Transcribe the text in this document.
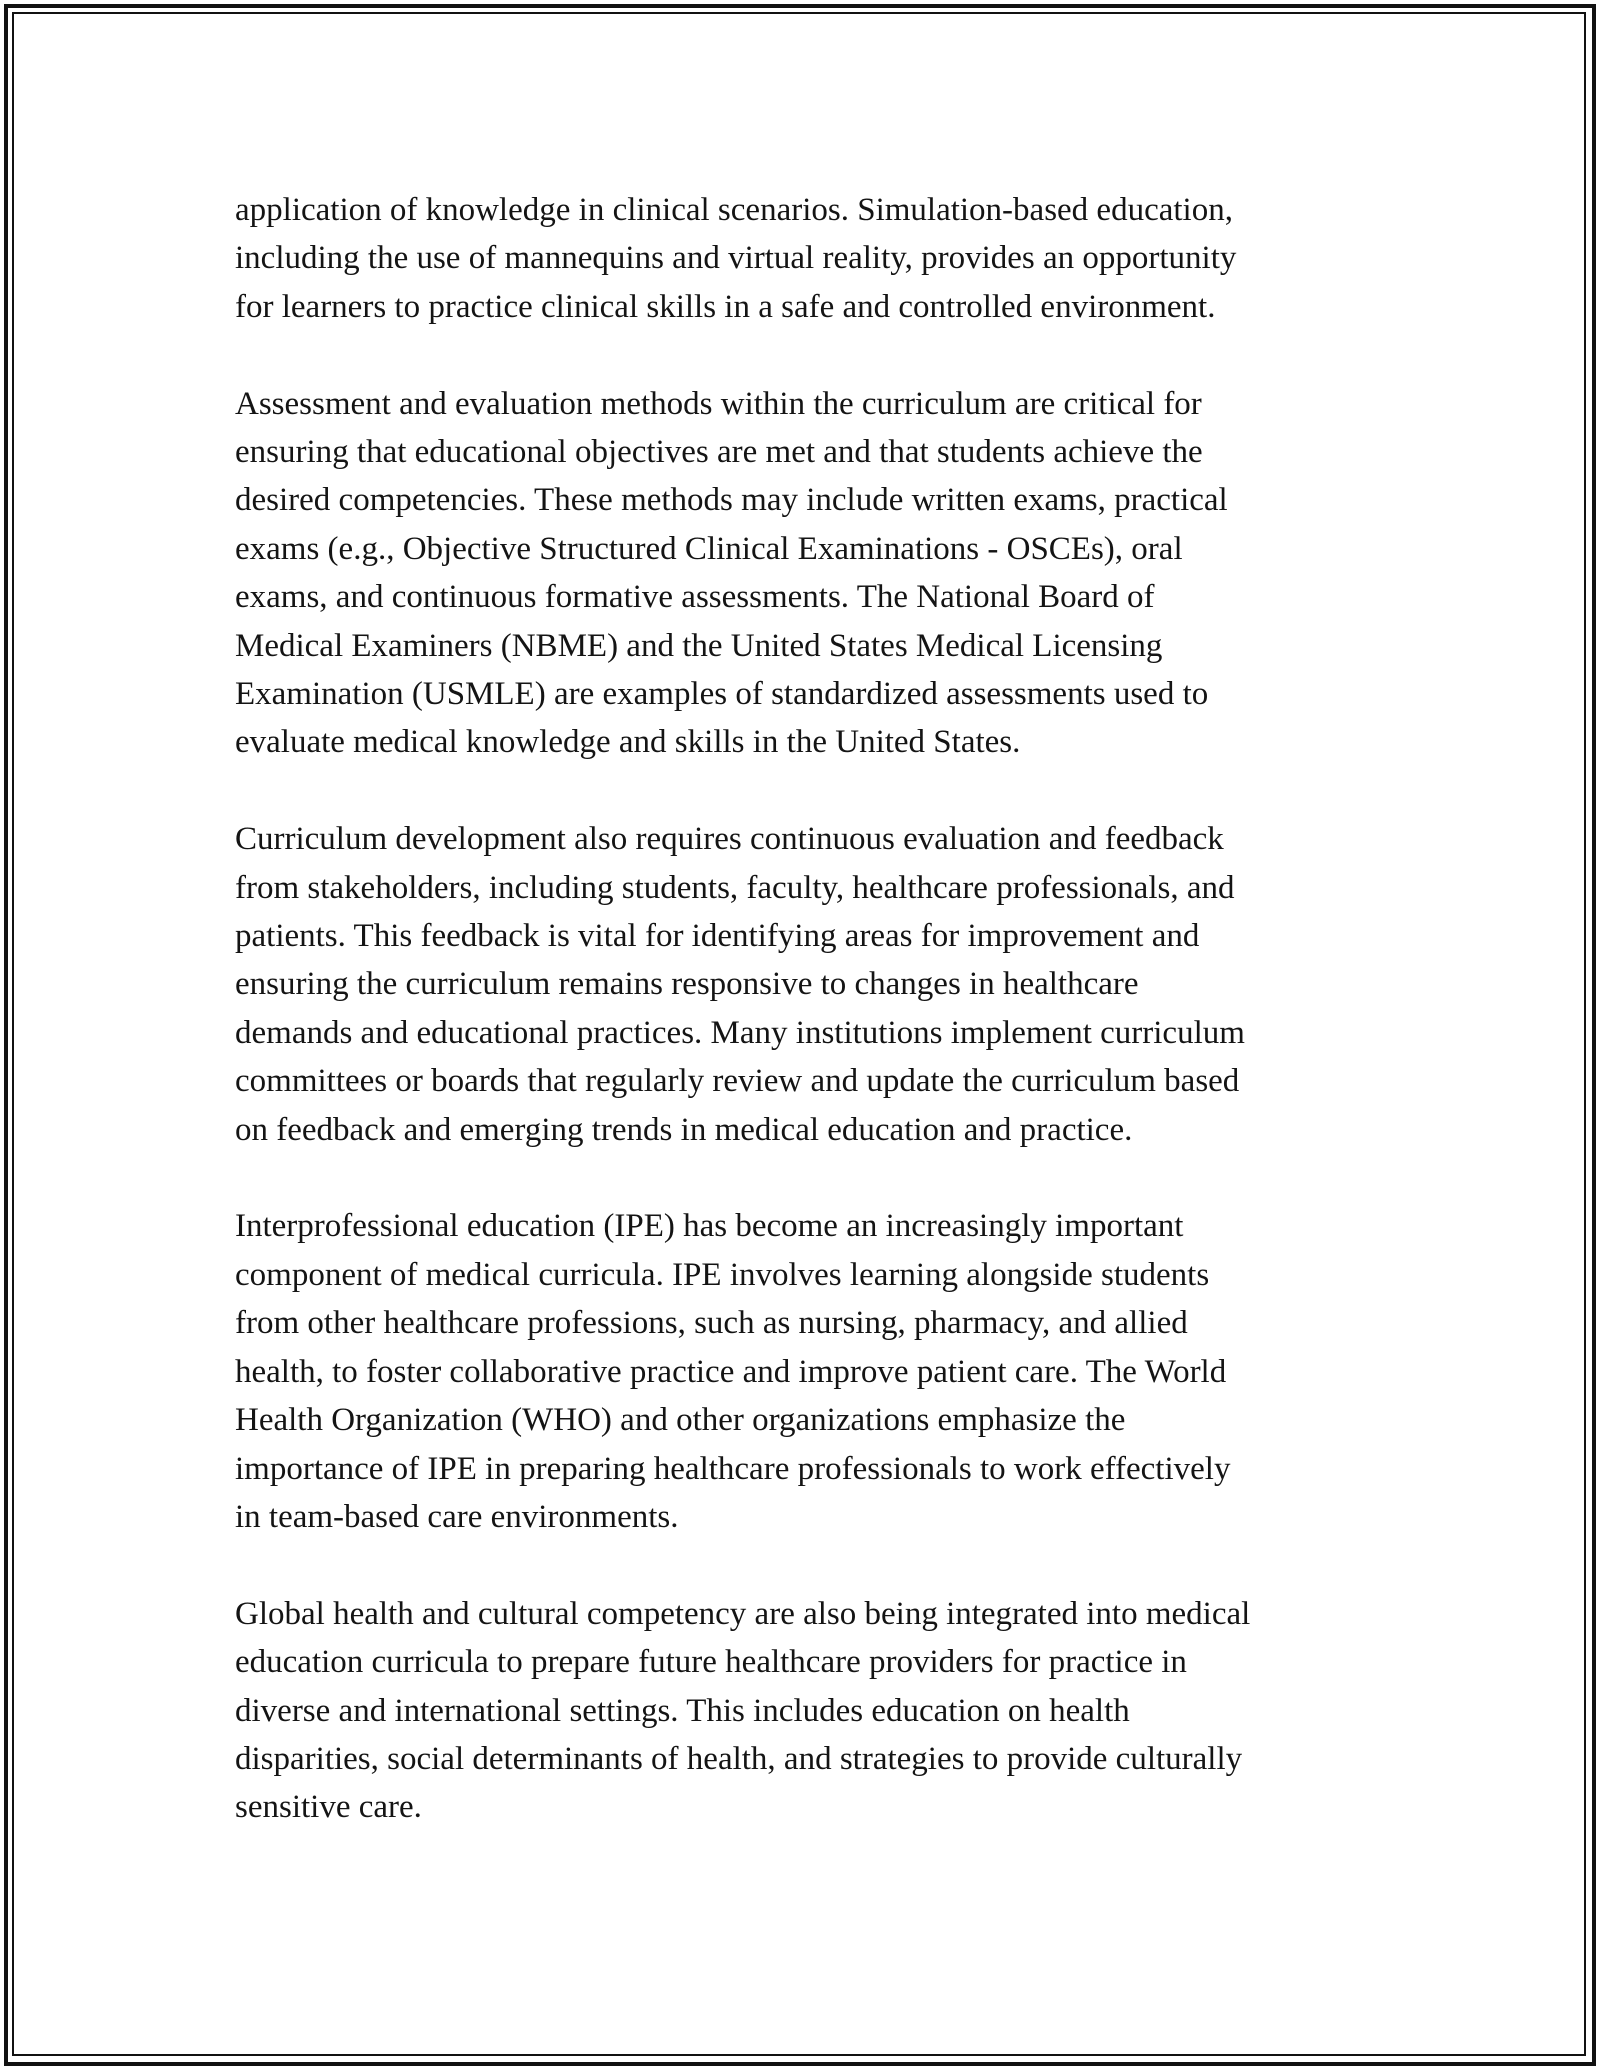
application of knowledge in clinical scenarios. Simulation-based education,
including the use of mannequins and virtual reality, provides an opportunity
for learners to practice clinical skills in a safe and controlled environment.

Assessment and evaluation methods within the curriculum are critical for
ensuring that educational objectives are met and that students achieve the
desired competencies. These methods may include written exams, practical
exams (e.g., Objective Structured Clinical Examinations - OSCEs), oral
exams, and continuous formative assessments. The National Board of
Medical Examiners (NBME) and the United States Medical Licensing
Examination (USMLE) are examples of standardized assessments used to
evaluate medical knowledge and skills in the United States.

Curriculum development also requires continuous evaluation and feedback
from stakeholders, including students, faculty, healthcare professionals, and
patients. This feedback is vital for identifying areas for improvement and
ensuring the curriculum remains responsive to changes in healthcare
demands and educational practices. Many institutions implement curriculum
committees or boards that regularly review and update the curriculum based
on feedback and emerging trends in medical education and practice.

Interprofessional education (IPE) has become an increasingly important
component of medical curricula. IPE involves learning alongside students
from other healthcare professions, such as nursing, pharmacy, and allied
health, to foster collaborative practice and improve patient care. The World
Health Organization (WHO) and other organizations emphasize the
importance of IPE in preparing healthcare professionals to work effectively
in team-based care environments.

Global health and cultural competency are also being integrated into medical
education curricula to prepare future healthcare providers for practice in
diverse and international settings. This includes education on health
disparities, social determinants of health, and strategies to provide culturally
sensitive care.
